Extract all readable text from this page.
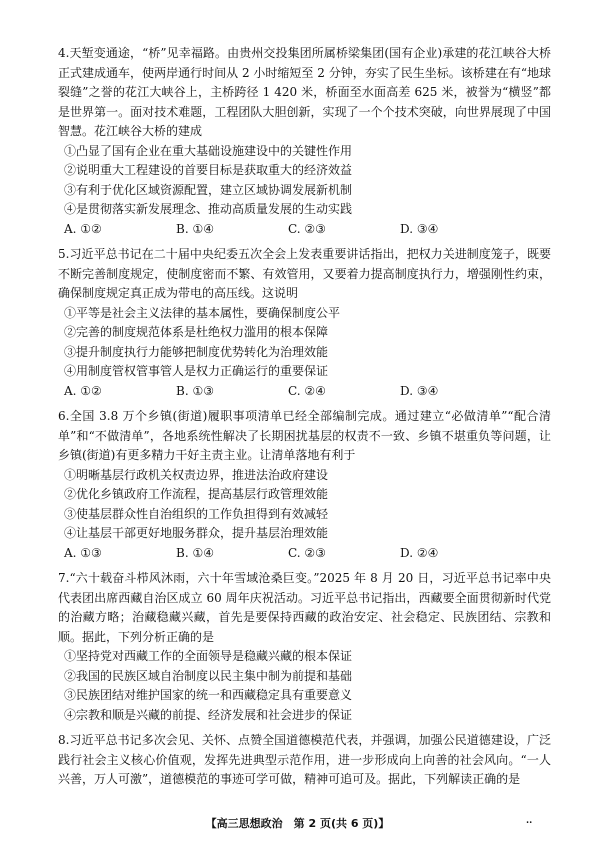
4.天堑变通途，“桥”见幸福路。由贵州交投集团所属桥梁集团(国有企业)承建的花江峡谷大桥正式建成通车，使两岸通行时间从 2 小时缩短至 2 分钟，夯实了民生坐标。该桥建在有“地球裂缝”之誉的花江大峡谷上，主桥跨径 1 420 米，桥面至水面高差 625 米，被誉为“横竖”都是世界第一。面对技术难题，工程团队大胆创新，实现了一个个技术突破，向世界展现了中国智慧。花江峡谷大桥的建成

①凸显了国有企业在重大基础设施建设中的关键性作用

②说明重大工程建设的首要目标是获取重大的经济效益

③有利于优化区域资源配置，建立区域协调发展新机制

④是贯彻落实新发展理念、推动高质量发展的生动实践

A. ①②	B. ①④	C. ②③	D. ③④

5.习近平总书记在二十届中央纪委五次全会上发表重要讲话指出，把权力关进制度笼子，既要不断完善制度规定，使制度密而不繁、有效管用，又要着力提高制度执行力，增强刚性约束，确保制度规定真正成为带电的高压线。这说明

①平等是社会主义法律的基本属性，要确保制度公平

②完善的制度规范体系是杜绝权力滥用的根本保障

③提升制度执行力能够把制度优势转化为治理效能

④用制度管权管事管人是权力正确运行的重要保证

A. ①②	B. ①③	C. ②④	D. ③④

6.全国 3.8 万个乡镇(街道)履职事项清单已经全部编制完成。通过建立“必做清单”“配合清单”和“不做清单”，各地系统性解决了长期困扰基层的权责不一致、乡镇不堪重负等问题，让乡镇(街道)有更多精力干好主责主业。让清单落地有利于

①明晰基层行政机关权责边界，推进法治政府建设

②优化乡镇政府工作流程，提高基层行政管理效能

③使基层群众性自治组织的工作负担得到有效减轻

④让基层干部更好地服务群众，提升基层治理效能

A. ①③	B. ①④	C. ②③	D. ②④

7.“六十载奋斗栉风沐雨，六十年雪域沧桑巨变。”2025 年 8 月 20 日，习近平总书记率中央代表团出席西藏自治区成立 60 周年庆祝活动。习近平总书记指出，西藏要全面贯彻新时代党的治藏方略；治藏稳藏兴藏，首先是要保持西藏的政治安定、社会稳定、民族团结、宗教和顺。据此，下列分析正确的是

①坚持党对西藏工作的全面领导是稳藏兴藏的根本保证

②我国的民族区域自治制度以民主集中制为前提和基础

③民族团结对维护国家的统一和西藏稳定具有重要意义

④宗教和顺是兴藏的前提、经济发展和社会进步的保证

8.习近平总书记多次会见、关怀、点赞全国道德模范代表，并强调，加强公民道德建设，广泛践行社会主义核心价值观，发挥先进典型示范作用，进一步形成向上向善的社会风向。“一人兴善，万人可激”，道德模范的事迹可学可做，精神可追可及。据此，下列解读正确的是

【高三思想政治　第 2 页(共 6 页)】	..
